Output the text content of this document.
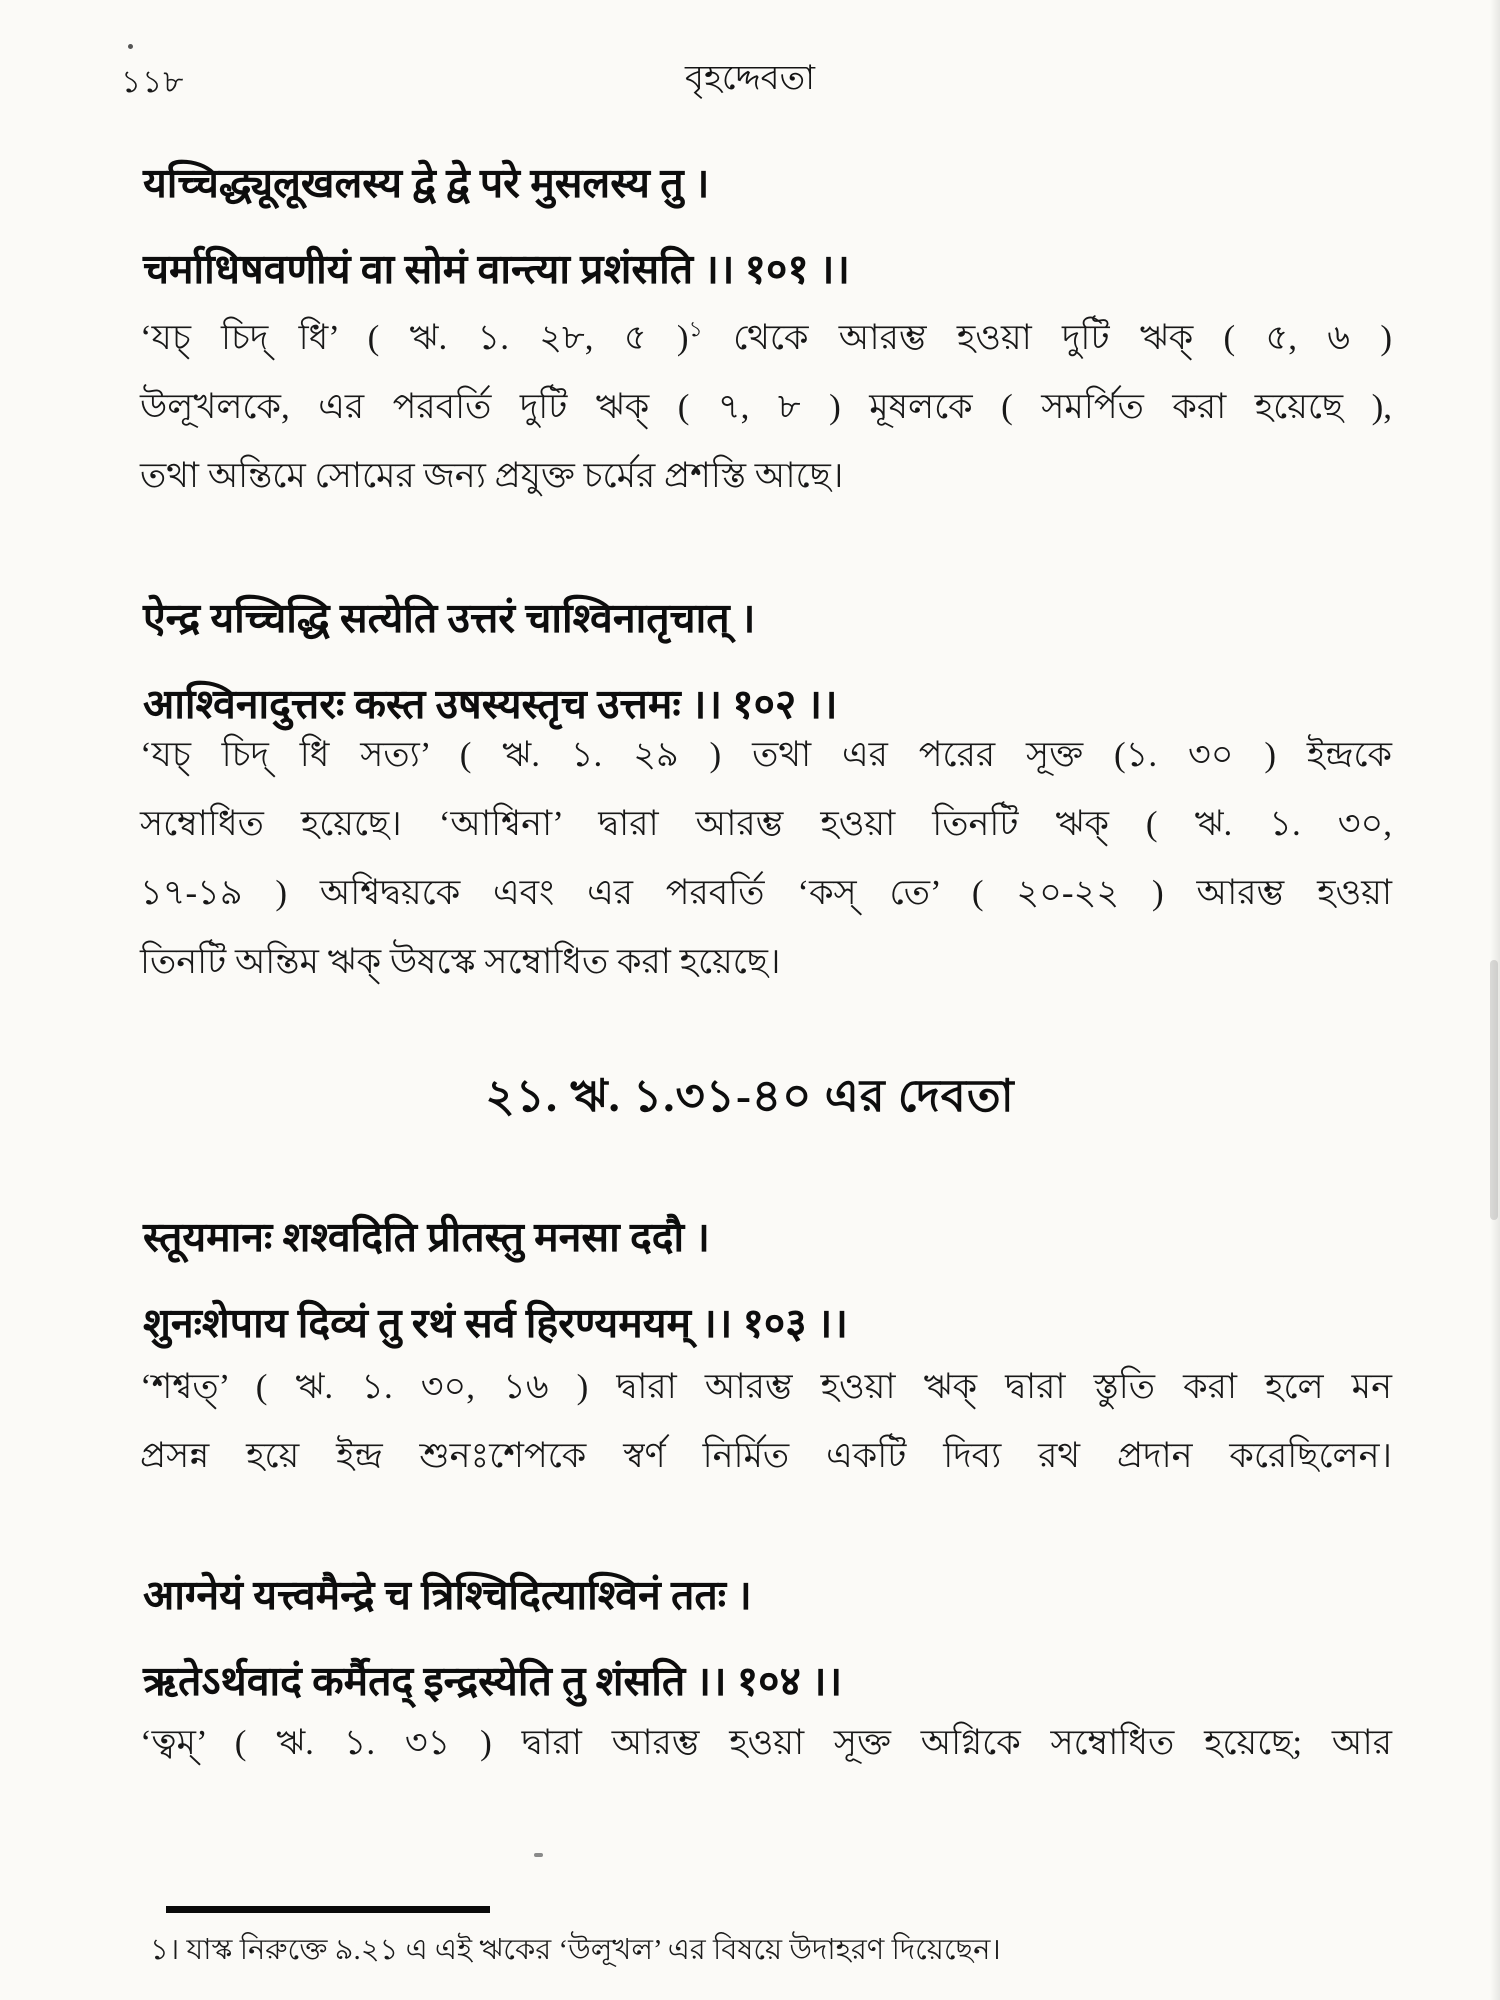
১১৮	বৃহদ্দেবতা
यच्चिद्ध्यूलूखलस्य द्वे द्वे परे मुसलस्य तु ।
चर्माधिषवणीयं वा सोमं वान्त्या प्रशंसति ।। १०१ ।।
‘যচ্ চিদ্ ধি’ ( ঋ. ১. ২৮, ৫ )$^১$ থেকে আরম্ভ হওয়া দুটি ঋক্ ( ৫, ৬ )
উলূখলকে, এর পরবর্তি দুটি ঋক্ ( ৭, ৮ ) মূষলকে ( সমর্পিত করা হয়েছে ),
তথা অন্তিমে সোমের জন্য প্রযুক্ত চর্মের প্রশস্তি আছে।
ऐन्द्र यच्चिद्धि सत्येति उत्तरं चाश्विनातृचात् ।
आश्विनादुत्तरः कस्त उषस्यस्तृच उत्तमः ।। १०२ ।।
‘যচ্ চিদ্ ধি সত্য’ ( ঋ. ১. ২৯ ) তথা এর পরের সূক্ত (১. ৩০ ) ইন্দ্রকে
সম্বোধিত হয়েছে। ‘আশ্বিনা’ দ্বারা আরম্ভ হওয়া তিনটি ঋক্ ( ঋ. ১. ৩০,
১৭-১৯ ) অশ্বিদ্বয়কে এবং এর পরবর্তি ‘কস্ তে’ ( ২০-২২ ) আরম্ভ হওয়া
তিনটি অন্তিম ঋক্ উষস্কে সম্বোধিত করা হয়েছে।
২১. ঋ. ১.৩১-৪০ এর দেবতা
स्तूयमानः शश्वदिति प्रीतस्तु मनसा ददौ ।
शुनःशेपाय दिव्यं तु रथं सर्व हिरण्यमयम् ।। १०३ ।।
‘শশ্বত্’ ( ঋ. ১. ৩০, ১৬ ) দ্বারা আরম্ভ হওয়া ঋক্ দ্বারা স্তুতি করা হলে মন
প্রসন্ন হয়ে ইন্দ্র শুনঃশেপকে স্বর্ণ নির্মিত একটি দিব্য রথ প্রদান করেছিলেন।
आग्नेयं यत्त्वमैन्द्रे च त्रिश्चिदित्याश्विनं ततः ।
ऋतेऽर्थवादं कर्मैतद् इन्द्रस्येति तु शंसति ।। १०४ ।।
‘ত্বম্’ ( ঋ. ১. ৩১ ) দ্বারা আরম্ভ হওয়া সূক্ত অগ্নিকে সম্বোধিত হয়েছে; আর
১। যাস্ক নিরুক্তে ৯.২১ এ এই ঋকের ‘উলূখল’ এর বিষয়ে উদাহরণ দিয়েছেন।
